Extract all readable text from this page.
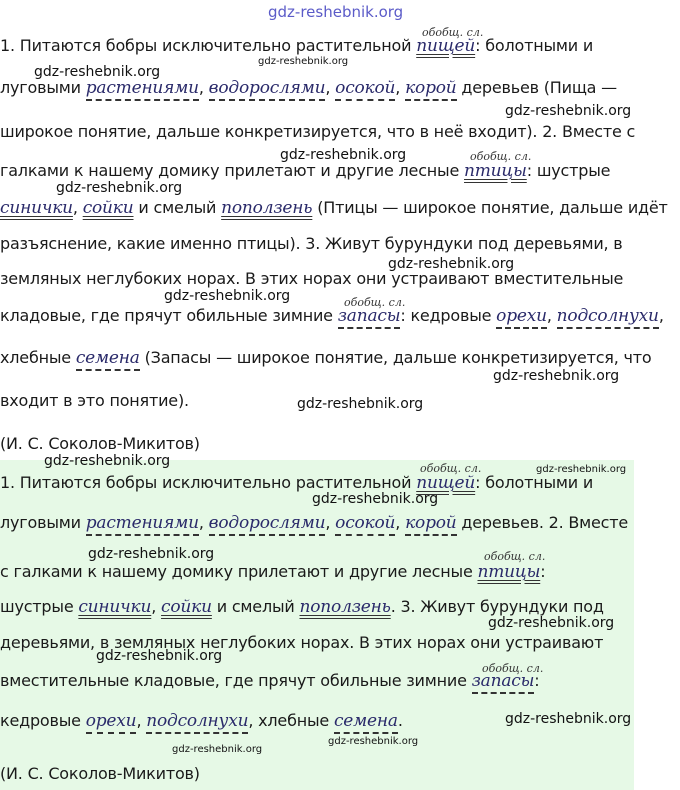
gdz-reshebnik.org
1. Питаются бобры исключительно растительной пищей: болотными и
обобщ. сл.
gdz-reshebnik.org
gdz-reshebnik.org
луговыми растениями, водорослями, осокой, корой деревьев (Пища —
gdz-reshebnik.org
широкое понятие, дальше конкретизируется, что в неё входит). 2. Вместе с
gdz-reshebnik.org	обобщ. сл.
галками к нашему домику прилетают и другие лесные птицы: шустрые
gdz-reshebnik.org
синички, сойки и смелый поползень (Птицы — широкое понятие, дальше идёт
разъяснение, какие именно птицы). 3. Живут бурундуки под деревьями, в
gdz-reshebnik.org
земляных неглубоких норах. В этих норах они устраивают вместительные
gdz-reshebnik.org	обобщ. сл.
кладовые, где прячут обильные зимние запасы: кедровые орехи, подсолнухи,
хлебные семена (Запасы — широкое понятие, дальше конкретизируется, что
gdz-reshebnik.org
входит в это понятие).	gdz-reshebnik.org
(И. С. Соколов-Микитов)
gdz-reshebnik.org	обобщ. сл.	gdz-reshebnik.org
1. Питаются бобры исключительно растительной пищей: болотными и
gdz-reshebnik.org
луговыми растениями, водорослями, осокой, корой деревьев. 2. Вместе
gdz-reshebnik.org	обобщ. сл.
с галками к нашему домику прилетают и другие лесные птицы:
шустрые синички, сойки и смелый поползень. 3. Живут бурундуки под
gdz-reshebnik.org
деревьями, в земляных неглубоких норах. В этих норах они устраивают
gdz-reshebnik.org
обобщ. сл.
вместительные кладовые, где прячут обильные зимние запасы:
кедровые орехи, подсолнухи, хлебные семена.	gdz-reshebnik.org
gdz-reshebnik.org
gdz-reshebnik.org
(И. С. Соколов-Микитов)
